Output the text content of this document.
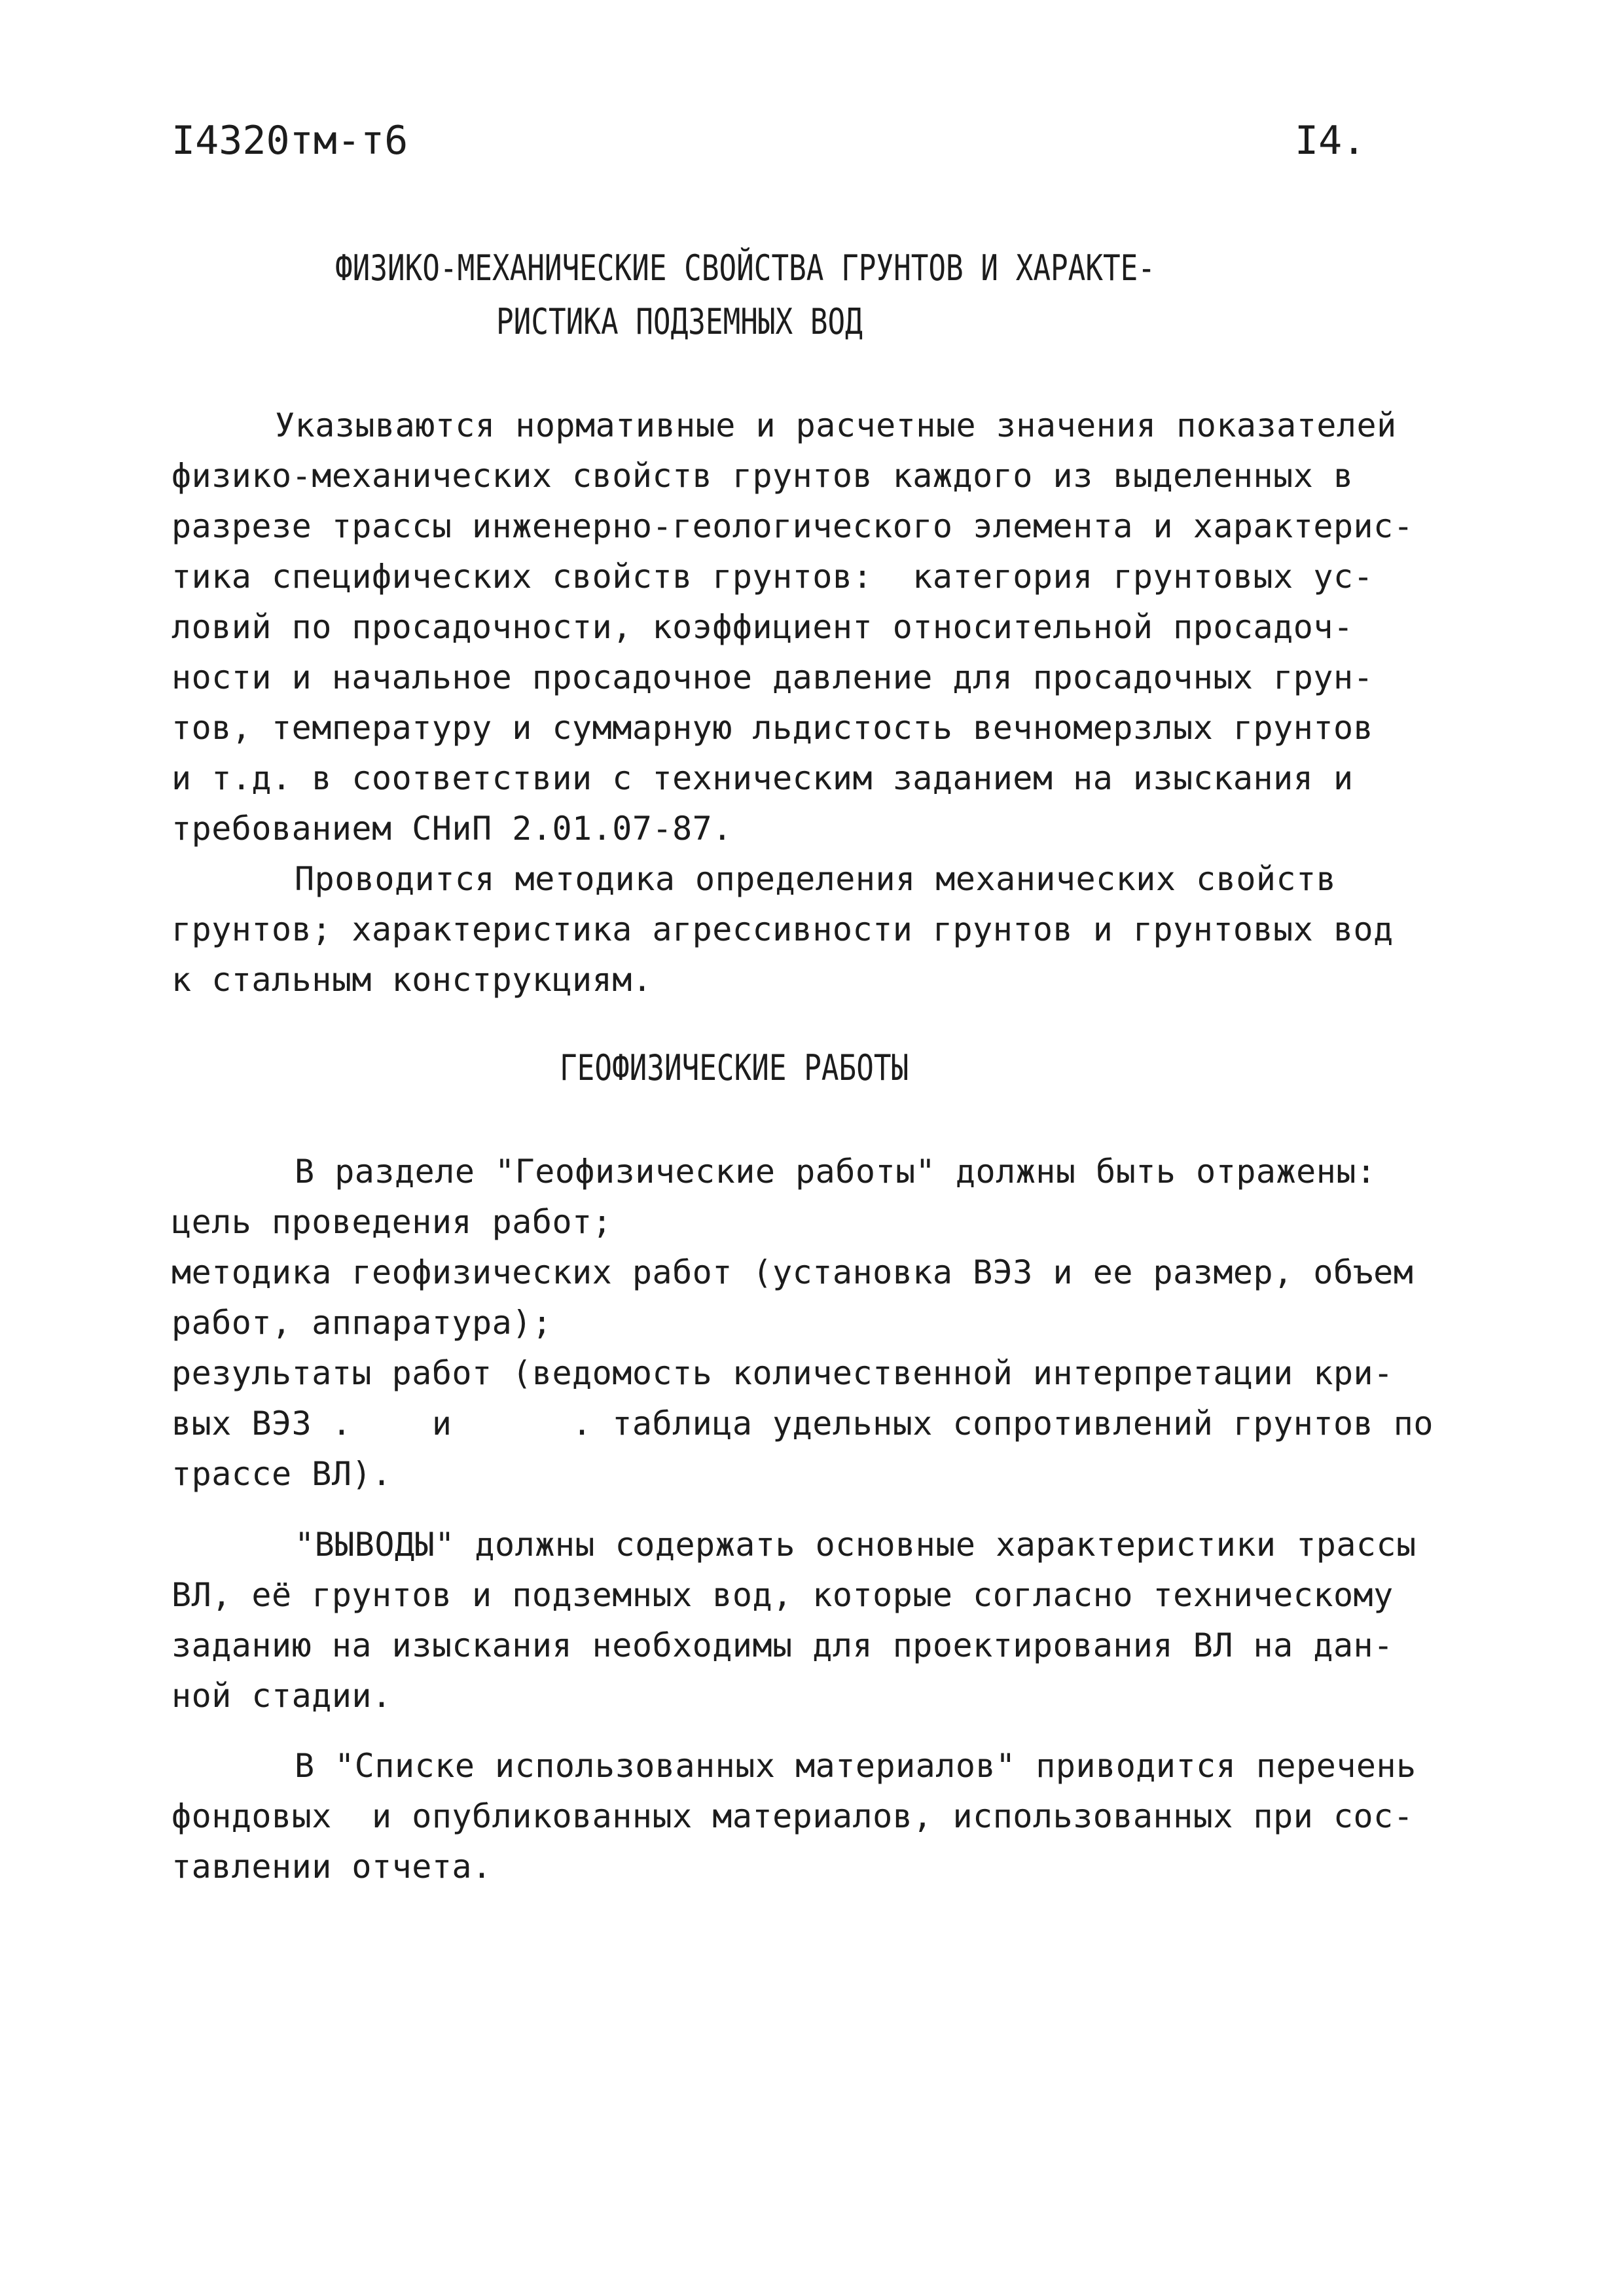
I4320тм-т6	I4.
ФИЗИКО-МЕХАНИЧЕСКИЕ СВОЙСТВА ГРУНТОВ И ХАРАКТЕ-
РИСТИКА ПОДЗЕМНЫХ ВОД
Указываются нормативные и расчетные значения показателей
физико-механических свойств грунтов каждого из выделенных в
разрезе трассы инженерно-геологического элемента и характерис-
тика специфических свойств грунтов:  категория грунтовых ус-
ловий по просадочности, коэффициент относительной просадоч-
ности и начальное просадочное давление для просадочных грун-
тов, температуру и суммарную льдистость вечномерзлых грунтов
и т.д. в соответствии с техническим заданием на изыскания и
требованием СНиП 2.01.07-87.
Проводится методика определения механических свойств
грунтов; характеристика агрессивности грунтов и грунтовых вод
к стальным конструкциям.
ГЕОФИЗИЧЕСКИЕ РАБОТЫ
В разделе "Геофизические работы" должны быть отражены:
цель проведения работ;
методика геофизических работ (установка ВЭЗ и ее размер, объем
работ, аппаратура);
результаты работ (ведомость количественной интерпретации кри-
вых ВЭЗ .    и      . таблица удельных сопротивлений грунтов по
трассе ВЛ).
"ВЫВОДЫ" должны содержать основные характеристики трассы
ВЛ, её грунтов и подземных вод, которые согласно техническому
заданию на изыскания необходимы для проектирования ВЛ на дан-
ной стадии.
В "Списке использованных материалов" приводится перечень
фондовых  и опубликованных материалов, использованных при сос-
тавлении отчета.
